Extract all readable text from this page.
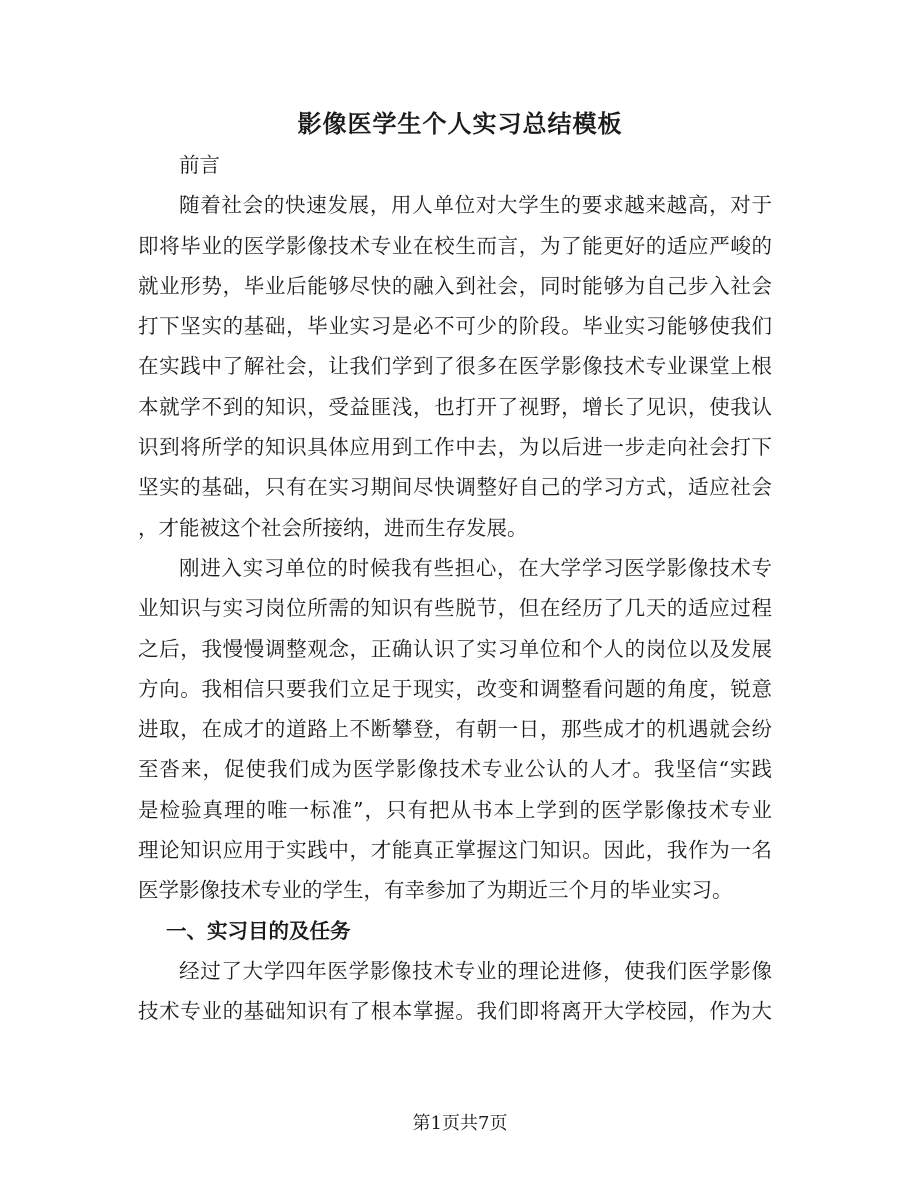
影像医学生个人实习总结模板
前言
随着社会的快速发展，用人单位对大学生的要求越来越高，对于
即将毕业的医学影像技术专业在校生而言，为了能更好的适应严峻的
就业形势，毕业后能够尽快的融入到社会，同时能够为自己步入社会
打下坚实的基础，毕业实习是必不可少的阶段。毕业实习能够使我们
在实践中了解社会，让我们学到了很多在医学影像技术专业课堂上根
本就学不到的知识，受益匪浅，也打开了视野，增长了见识，使我认
识到将所学的知识具体应用到工作中去，为以后进一步走向社会打下
坚实的基础，只有在实习期间尽快调整好自己的学习方式，适应社会
，才能被这个社会所接纳，进而生存发展。
刚进入实习单位的时候我有些担心，在大学学习医学影像技术专
业知识与实习岗位所需的知识有些脱节，但在经历了几天的适应过程
之后，我慢慢调整观念，正确认识了实习单位和个人的岗位以及发展
方向。我相信只要我们立足于现实，改变和调整看问题的角度，锐意
进取，在成才的道路上不断攀登，有朝一日，那些成才的机遇就会纷
至沓来，促使我们成为医学影像技术专业公认的人才。我坚信“实践
是检验真理的唯一标准”，只有把从书本上学到的医学影像技术专业
理论知识应用于实践中，才能真正掌握这门知识。因此，我作为一名
医学影像技术专业的学生，有幸参加了为期近三个月的毕业实习。
一、实习目的及任务
经过了大学四年医学影像技术专业的理论进修，使我们医学影像
技术专业的基础知识有了根本掌握。我们即将离开大学校园，作为大
第1页共7页
